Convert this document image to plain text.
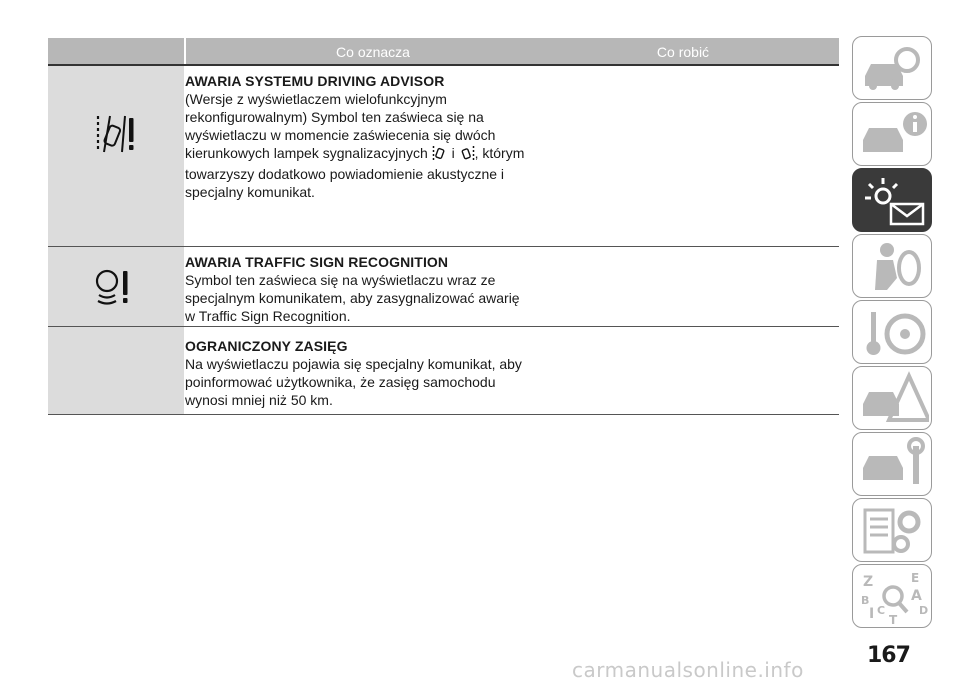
Co oznacza	Co robić
AWARIA SYSTEMU DRIVING ADVISOR
(Wersje z wyświetlaczem wielofunkcyjnym rekonfigurowalnym) Symbol ten zaświeca się na wyświetlaczu w momencie zaświecenia się dwóch kierunkowych lampek sygnalizacyjnych i , którym towarzyszy dodatkowo powiadomienie akustyczne i specjalny komunikat.
AWARIA TRAFFIC SIGN RECOGNITION
Symbol ten zaświeca się na wyświetlaczu wraz ze specjalnym komunikatem, aby zasygnalizować awarię w Traffic Sign Recognition.
OGRANICZONY ZASIĘG
Na wyświetlaczu pojawia się specjalny komunikat, aby poinformować użytkownika, że zasięg samochodu wynosi mniej niż 50 km.
Z	E
B	A
C
I T
D
167
carmanualsonline.info
